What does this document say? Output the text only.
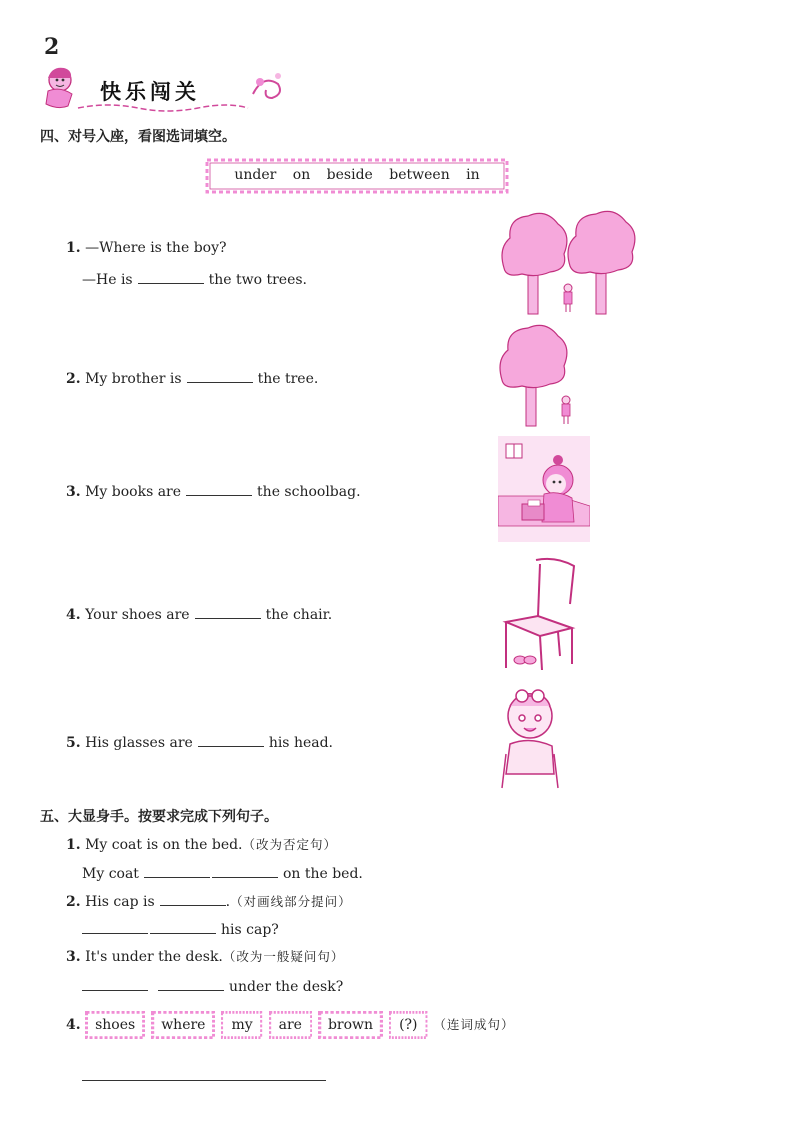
2
快乐闯关
四、对号入座，看图选词填空。
under on beside between in
1. —Where is the boy?
—He is	the two trees.
2. My brother is	the tree.
3. My books are	the schoolbag.
4. Your shoes are	the chair.
5. His glasses are	his head.
五、大显身手。按要求完成下列句子。
1. My coat is on the bed.（改为否定句）
My coat	on the bed.
2. His cap is	.（对画线部分提问）
his cap?
3. It's under the desk.（改为一般疑问句）
under the desk?
4. shoes where my are brown (?) （连词成句）
